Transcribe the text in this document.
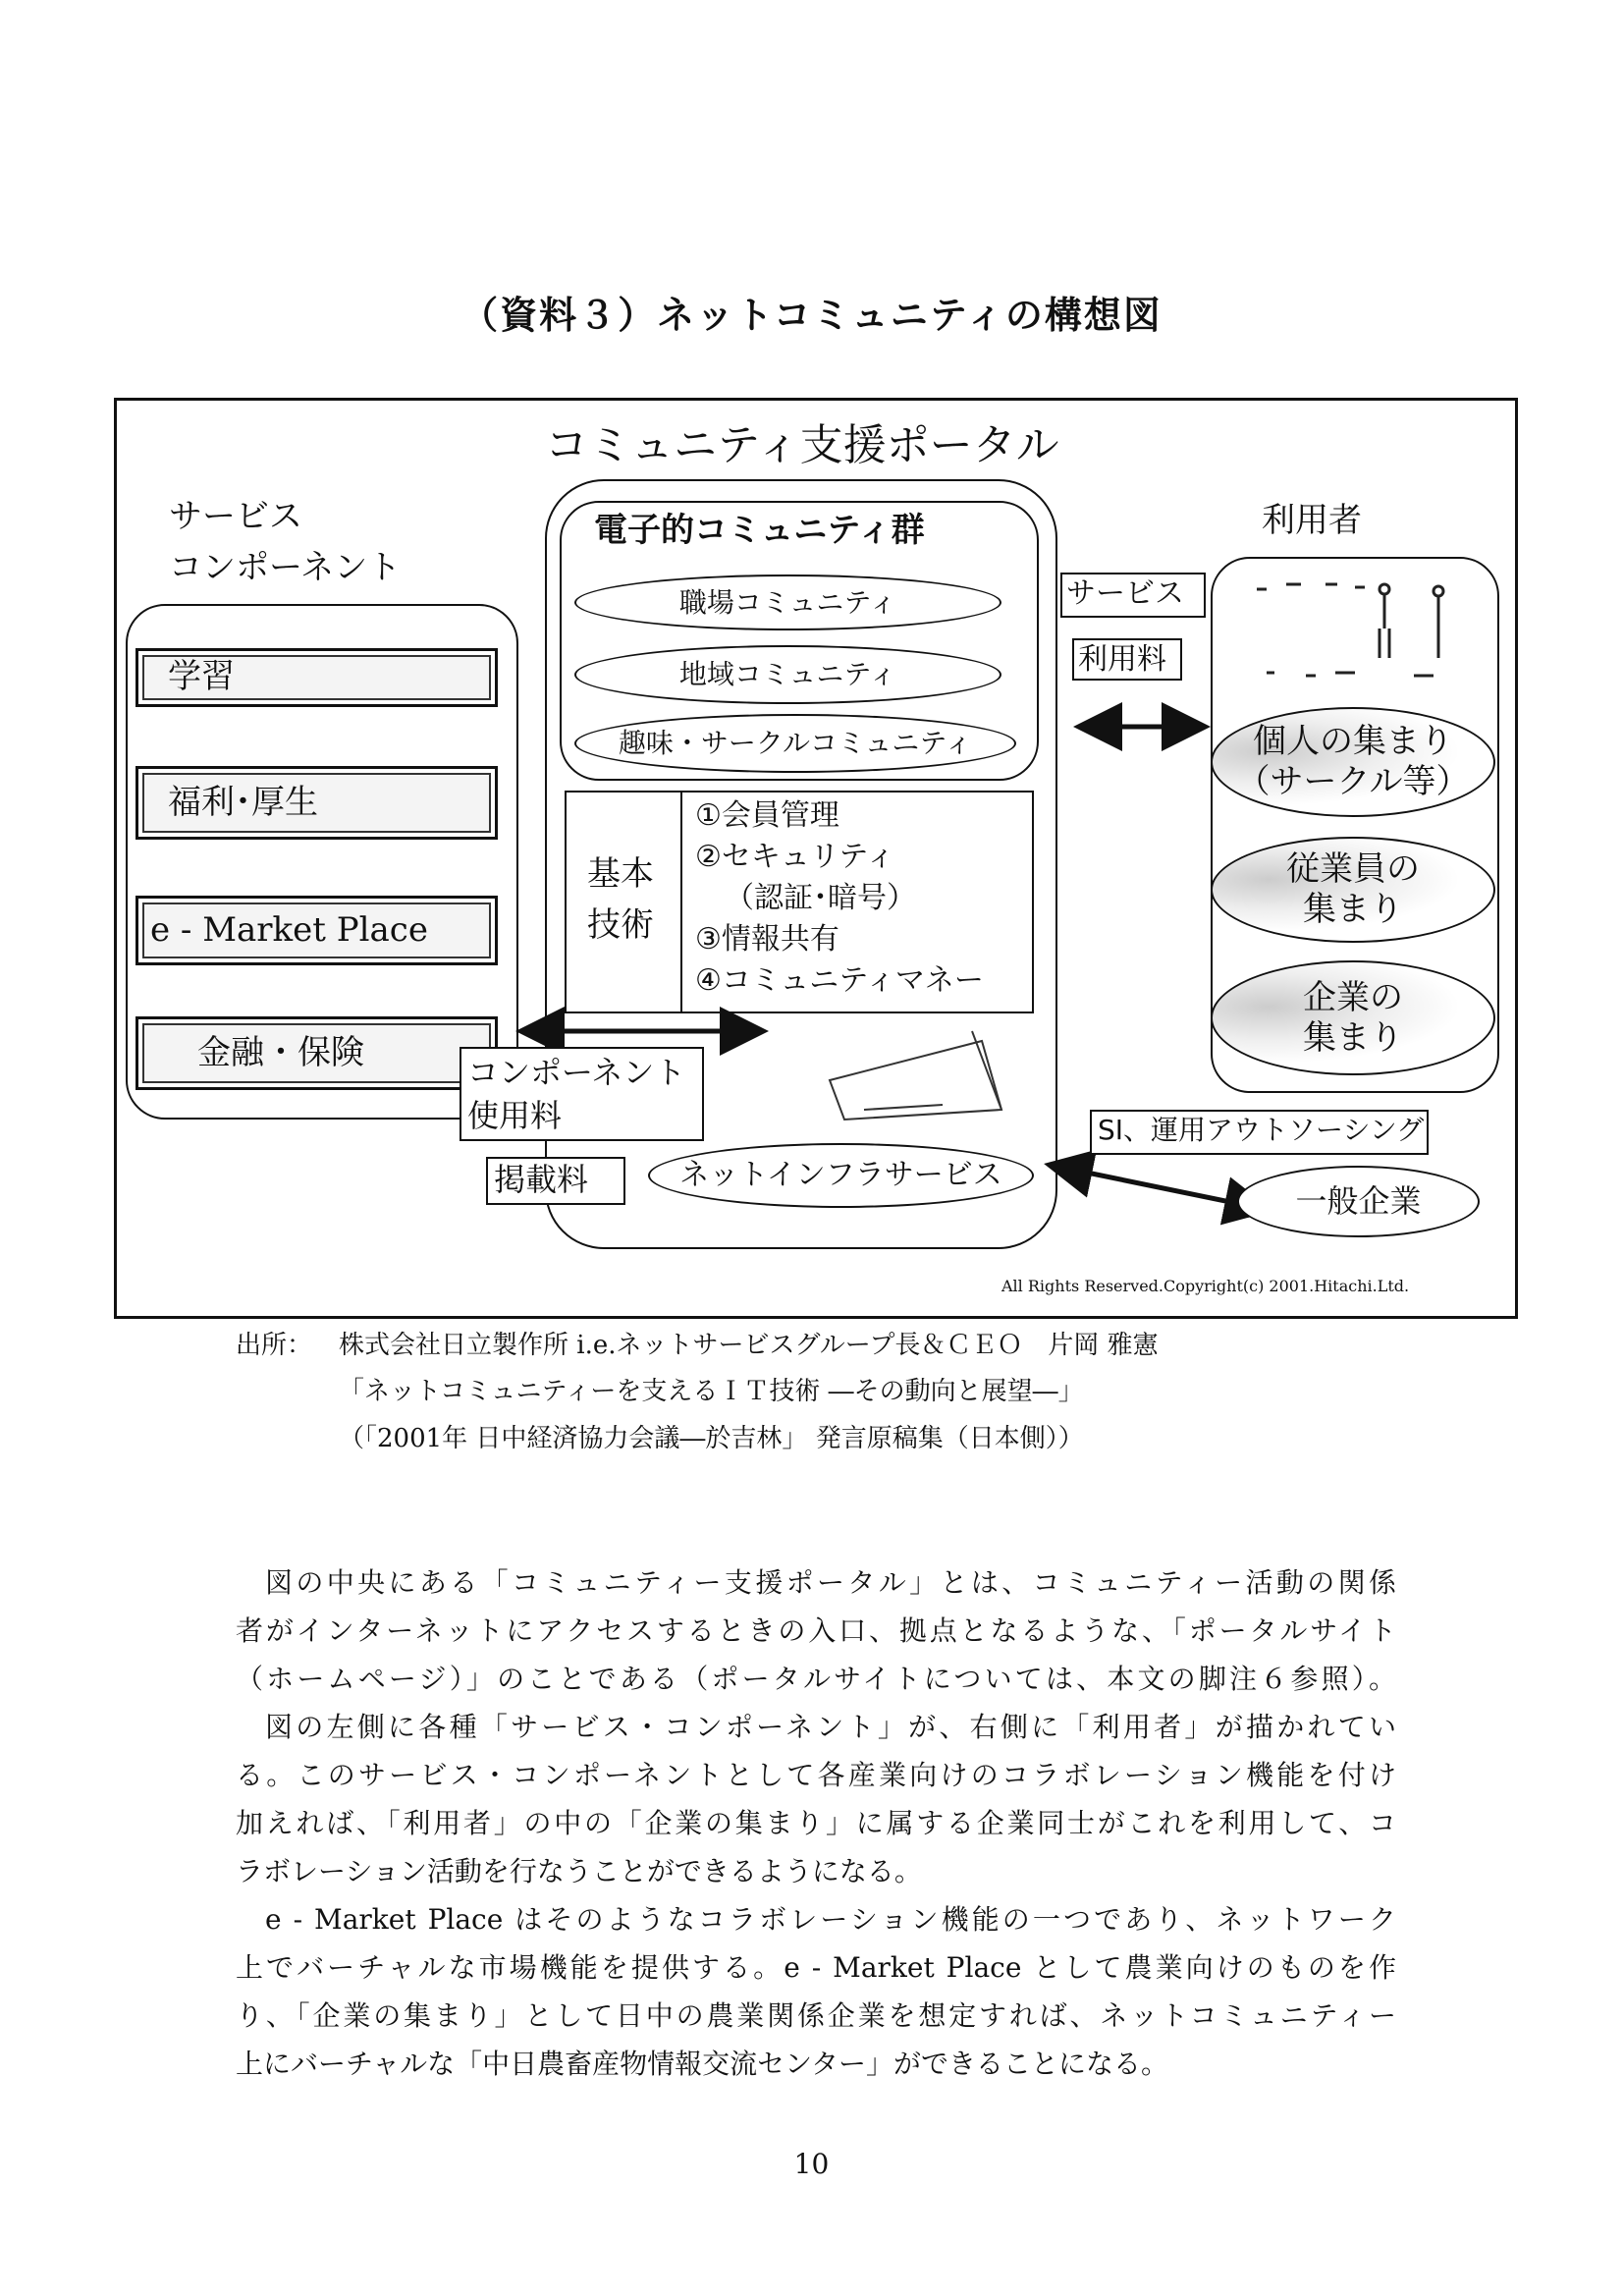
（資料３）ネットコミュニティの構想図
コミュニティ支援ポータル
サービス
コンポーネント
学習
福利･厚生
e - Market Place
金融・保険
電子的コミュニティ群
職場コミュニティ
地域コミュニティ
趣味・サークルコミュニティ
基本
技術
①会員管理
②セキュリティ
（認証･暗号）
③情報共有
④コミュニティマネー
コンポーネント
使用料
掲載料	ネットインフラサービス
利用者
サービス
利用料
個人の集まり
（サークル等）
従業員の
集まり
企業の
集まり
SI、運用アウトソーシング
一般企業
All Rights Reserved.Copyright(c) 2001.Hitachi.Ltd.
出所： 株式会社日立製作所 i.e.ネットサービスグループ長＆ＣＥＯ　片岡 雅憲
「ネットコミュニティーを支えるＩＴ技術 ―その動向と展望―」
（「2001年 日中経済協力会議―於吉林」 発言原稿集（日本側））
図の中央にある「コミュニティー支援ポータル」とは、コミュニティー活動の関係
者がインターネットにアクセスするときの入口、拠点となるような、「ポータルサイト
（ホームページ）」のことである（ポータルサイトについては、本文の脚注６参照）。
図の左側に各種「サービス・コンポーネント」が、右側に「利用者」が描かれてい
る。このサービス・コンポーネントとして各産業向けのコラボレーション機能を付け
加えれば、「利用者」の中の「企業の集まり」に属する企業同士がこれを利用して、コ
ラボレーション活動を行なうことができるようになる。
e - Market Place はそのようなコラボレーション機能の一つであり、ネットワーク
上でバーチャルな市場機能を提供する。e - Market Place として農業向けのものを作
り、「企業の集まり」として日中の農業関係企業を想定すれば、ネットコミュニティー
上にバーチャルな「中日農畜産物情報交流センター」ができることになる。
10
